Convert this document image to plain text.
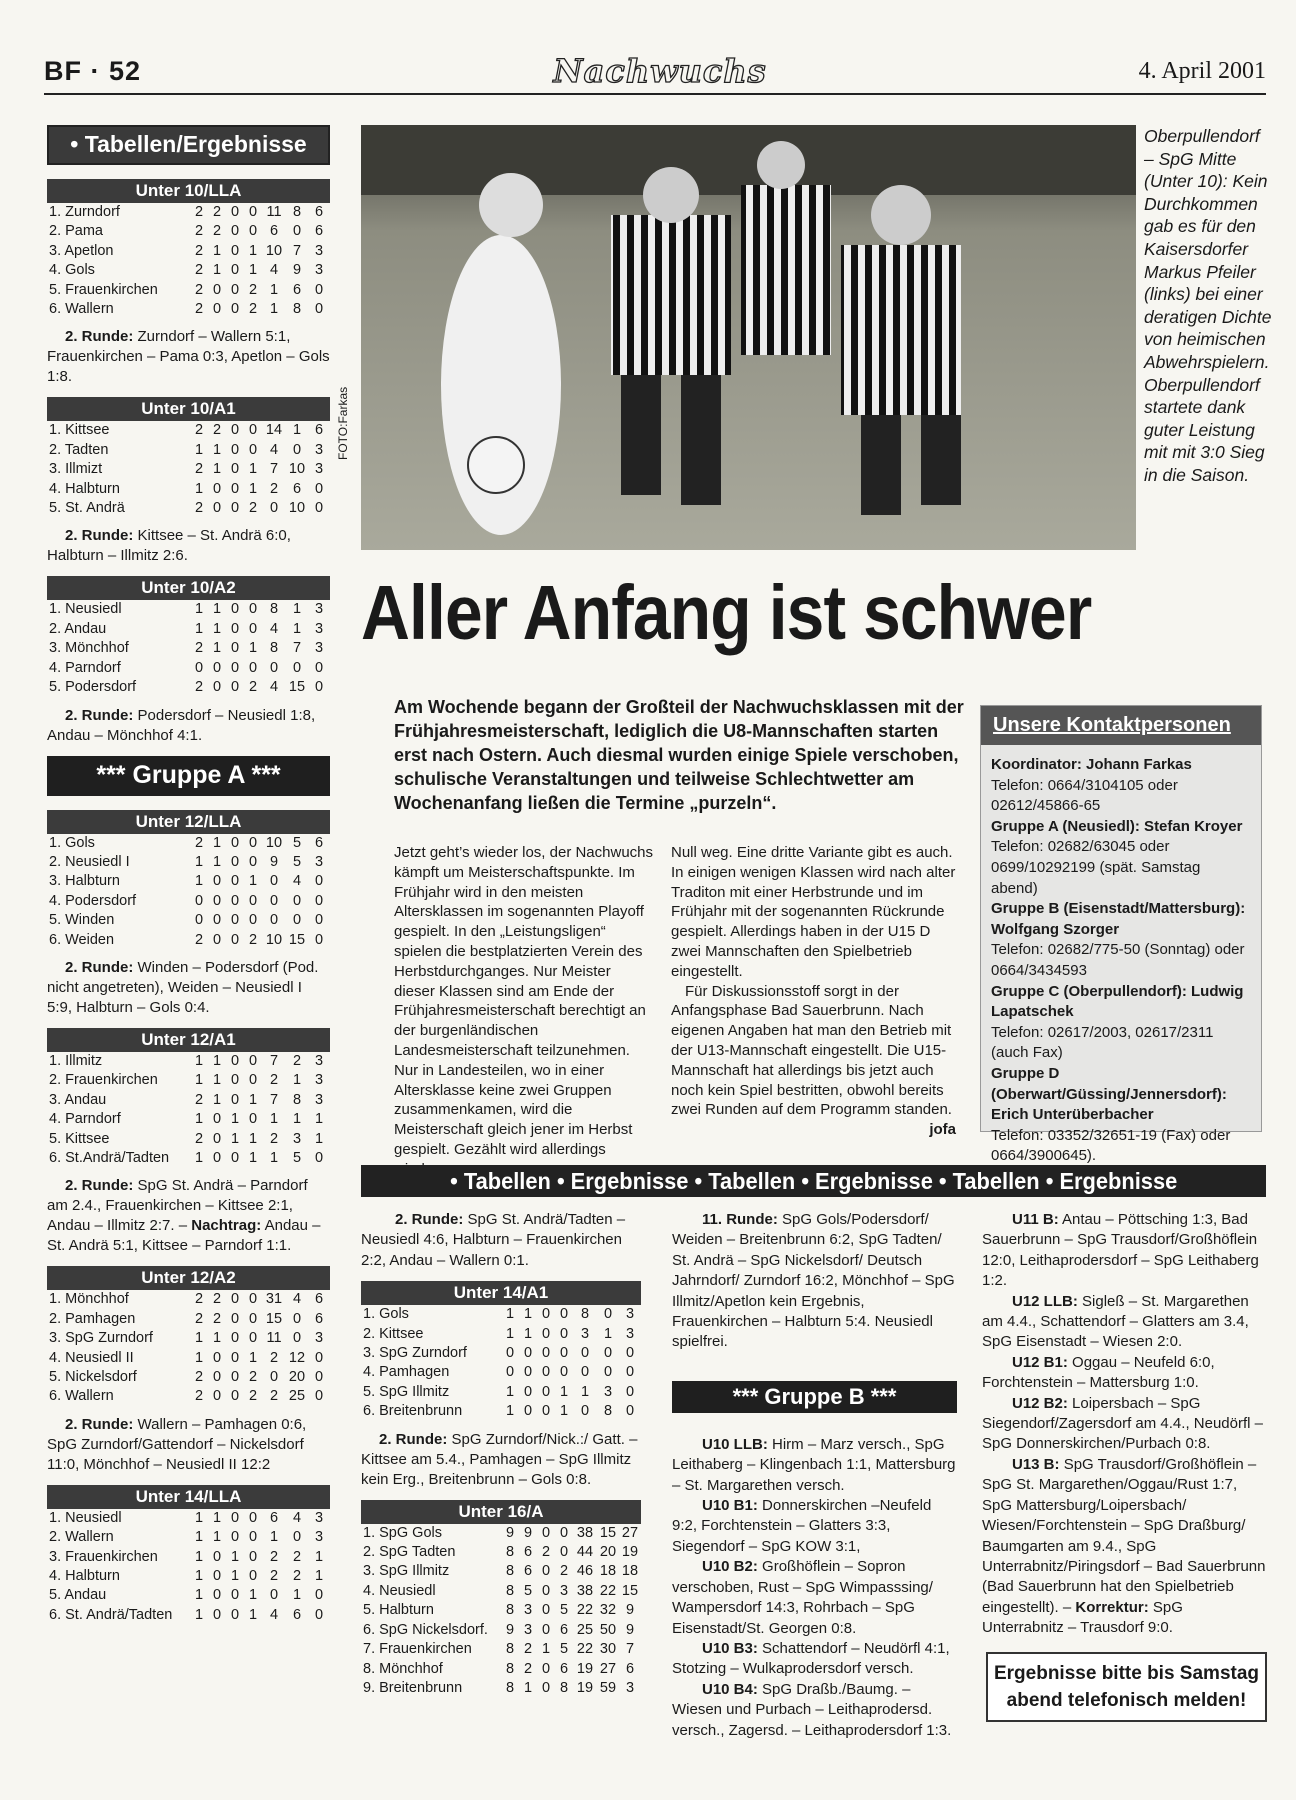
BF · 52	Nachwuchs	4. April 2001
• Tabellen/Ergebnisse
Unter 10/LLA
1. Zurndorf	2	2	0	0	11	8	6
2. Pama	2	2	0	0	6	0	6
3. Apetlon	2	1	0	1	10	7	3
4. Gols	2	1	0	1	4	9	3
5. Frauenkirchen	2	0	0	2	1	6	0
6. Wallern	2	0	0	2	1	8	0
2. Runde: Zurndorf – Wallern 5:1, Frauenkirchen – Pama 0:3, Apetlon – Gols 1:8.
Unter 10/A1
1. Kittsee	2	2	0	0	14	1	6
2. Tadten	1	1	0	0	4	0	3
3. Illmizt	2	1	0	1	7	10	3
4. Halbturn	1	0	0	1	2	6	0
5. St. Andrä	2	0	0	2	0	10	0
2. Runde: Kittsee – St. Andrä 6:0, Halbturn – Illmitz 2:6.
Unter 10/A2
1. Neusiedl	1	1	0	0	8	1	3
2. Andau	1	1	0	0	4	1	3
3. Mönchhof	2	1	0	1	8	7	3
4. Parndorf	0	0	0	0	0	0	0
5. Podersdorf	2	0	0	2	4	15	0
2. Runde: Podersdorf – Neusiedl 1:8, Andau – Mönchhof 4:1.
*** Gruppe A ***
Unter 12/LLA
1. Gols	2	1	0	0	10	5	6
2. Neusiedl I	1	1	0	0	9	5	3
3. Halbturn	1	0	0	1	0	4	0
4. Podersdorf	0	0	0	0	0	0	0
5. Winden	0	0	0	0	0	0	0
6. Weiden	2	0	0	2	10	15	0
2. Runde: Winden – Podersdorf (Pod. nicht angetreten), Weiden – Neusiedl I 5:9, Halbturn – Gols 0:4.
Unter 12/A1
1. Illmitz	1	1	0	0	7	2	3
2. Frauenkirchen	1	1	0	0	2	1	3
3. Andau	2	1	0	1	7	8	3
4. Parndorf	1	0	1	0	1	1	1
5. Kittsee	2	0	1	1	2	3	1
6. St.Andrä/Tadten	1	0	0	1	1	5	0
2. Runde: SpG St. Andrä – Parndorf am 2.4., Frauenkirchen – Kittsee 2:1, Andau – Illmitz 2:7. – Nachtrag: Andau – St. Andrä 5:1, Kittsee – Parndorf 1:1.
Unter 12/A2
1. Mönchhof	2	2	0	0	31	4	6
2. Pamhagen	2	2	0	0	15	0	6
3. SpG Zurndorf	1	1	0	0	11	0	3
4. Neusiedl II	1	0	0	1	2	12	0
5. Nickelsdorf	2	0	0	2	0	20	0
6. Wallern	2	0	0	2	2	25	0
2. Runde: Wallern – Pamhagen 0:6, SpG Zurndorf/Gattendorf – Nickelsdorf 11:0, Mönchhof – Neusiedl II 12:2
Unter 14/LLA
1. Neusiedl	1	1	0	0	6	4	3
2. Wallern	1	1	0	0	1	0	3
3. Frauenkirchen	1	0	1	0	2	2	1
4. Halbturn	1	0	1	0	2	2	1
5. Andau	1	0	0	1	0	1	0
6. St. Andrä/Tadten	1	0	0	1	4	6	0
FOTO:Farkas
Oberpullendorf – SpG Mitte (Unter 10): Kein Durchkommen gab es für den Kaisersdorfer Markus Pfeiler (links) bei einer deratigen Dichte von heimischen Abwehrspielern. Oberpullendorf startete dank guter Leistung mit mit 3:0 Sieg in die Saison.
Aller Anfang ist schwer
Am Wochende begann der Großteil der Nachwuchsklassen mit der Frühjahresmeisterschaft, lediglich die U8-Mannschaften starten erst nach Ostern. Auch diesmal wurden einige Spiele verschoben, schulische Veranstaltungen und teilweise Schlechtwetter am Wochenanfang ließen die Termine „purzeln“.
Jetzt geht’s wieder los, der Nachwuchs kämpft um Meisterschaftspunkte. Im Frühjahr wird in den meisten Altersklassen im sogenannten Playoff gespielt. In den „Leistungsligen“ spielen die bestplatzierten Verein des Herbstdurchganges. Nur Meister dieser Klassen sind am Ende der Frühjahresmeisterschaft berechtigt an der burgenländischen Landesmeisterschaft teilzunehmen. Nur in Landesteilen, wo in einer Altersklasse keine zwei Gruppen zusammenkamen, wird die Meisterschaft gleich jener im Herbst gespielt. Gezählt wird allerdings
Null weg. Eine dritte Variante gibt es auch. In einigen wenigen Klassen wird nach alter Traditon mit einer Herbstrunde und im Frühjahr mit der sogenannten Rückrunde gespielt. Allerdings haben in der U15 D zwei Mannschaften den Spielbetrieb eingestellt.
Für Diskussionsstoff sorgt in der Anfangsphase Bad Sauerbrunn. Nach eigenen Angaben hat man den Betrieb mit der U13-Mannschaft eingestellt. Die U15-Mannschaft hat allerdings bis jetzt auch noch kein Spiel bestritten, obwohl bereits zwei Runden auf dem Programm standen.
jofa
Unsere Kontaktpersonen
Koordinator: Johann Farkas
Telefon: 0664/3104105 oder 02612/45866-65
Gruppe A (Neusiedl): Stefan Kroyer
Telefon: 02682/63045 oder 0699/10292199 (spät. Samstag abend)
Gruppe B (Eisenstadt/Mattersburg): Wolfgang Szorger
Telefon: 02682/775-50 (Sonntag) oder 0664/3434593
Gruppe C (Oberpullendorf): Ludwig Lapatschek
Telefon: 02617/2003, 02617/2311 (auch Fax)
Gruppe D (Oberwart/Güssing/Jennersdorf): Erich Unterüberbacher
Telefon: 03352/32651-19 (Fax) oder 0664/3900645).
• Tabellen • Ergebnisse • Tabellen • Ergebnisse • Tabellen • Ergebnisse
2. Runde: SpG St. Andrä/Tadten – Neusiedl 4:6, Halbturn – Frauenkirchen 2:2, Andau – Wallern 0:1.
Unter 14/A1
1. Gols	1	1	0	0	8	0	3
2. Kittsee	1	1	0	0	3	1	3
3. SpG Zurndorf	0	0	0	0	0	0	0
4. Pamhagen	0	0	0	0	0	0	0
5. SpG Illmitz	1	0	0	1	1	3	0
6. Breitenbrunn	1	0	0	1	0	8	0
2. Runde: SpG Zurndorf/Nick.:/ Gatt. – Kittsee am 5.4., Pamhagen – SpG Illmitz kein Erg., Breitenbrunn – Gols 0:8.
Unter 16/A
1. SpG Gols	9	9	0	0	38	15	27
2. SpG Tadten	8	6	2	0	44	20	19
3. SpG Illmitz	8	6	0	2	46	18	18
4. Neusiedl	8	5	0	3	38	22	15
5. Halbturn	8	3	0	5	22	32	9
6. SpG Nickelsdorf.	9	3	0	6	25	50	9
7. Frauenkirchen	8	2	1	5	22	30	7
8. Mönchhof	8	2	0	6	19	27	6
9. Breitenbrunn	8	1	0	8	19	59	3
11. Runde: SpG Gols/Podersdorf/ Weiden – Breitenbrunn 6:2, SpG Tadten/ St. Andrä – SpG Nickelsdorf/ Deutsch Jahrndorf/ Zurndorf 16:2, Mönchhof – SpG Illmitz/Apetlon kein Ergebnis, Frauenkirchen – Halbturn 5:4. Neusiedl spielfrei.
*** Gruppe B ***
U10 LLB: Hirm – Marz versch., SpG Leithaberg – Klingenbach 1:1, Mattersburg – St. Margarethen versch.
U10 B1: Donnerskirchen –Neufeld 9:2, Forchtenstein – Glatters 3:3, Siegendorf – SpG KOW 3:1,
U10 B2: Großhöflein – Sopron verschoben, Rust – SpG Wimpasssing/ Wampersdorf 14:3, Rohrbach – SpG Eisenstadt/St. Georgen 0:8.
U10 B3: Schattendorf – Neudörfl 4:1, Stotzing – Wulkaprodersdorf versch.
U10 B4: SpG Draßb./Baumg. – Wiesen und Purbach – Leithaprodersd. versch., Zagersd. – Leithaprodersdorf 1:3.
U11 B: Antau – Pöttsching 1:3, Bad Sauerbrunn – SpG Trausdorf/Großhöflein 12:0, Leithaprodersdorf – SpG Leithaberg 1:2.
U12 LLB: Sigleß – St. Margarethen am 4.4., Schattendorf – Glatters am 3.4, SpG Eisenstadt – Wiesen 2:0.
U12 B1: Oggau – Neufeld 6:0, Forchtenstein – Mattersburg 1:0.
U12 B2: Loipersbach – SpG Siegendorf/Zagersdorf am 4.4., Neudörfl – SpG Donnerskirchen/Purbach 0:8.
U13 B: SpG Trausdorf/Großhöflein – SpG St. Margarethen/Oggau/Rust 1:7, SpG Mattersburg/Loipersbach/ Wiesen/Forchtenstein – SpG Draßburg/ Baumgarten am 9.4., SpG Unterrabnitz/Piringsdorf – Bad Sauerbrunn (Bad Sauerbrunn hat den Spielbetrieb eingestellt). – Korrektur: SpG Unterrabnitz – Trausdorf 9:0.
Ergebnisse bitte bis Samstag abend telefonisch melden!
